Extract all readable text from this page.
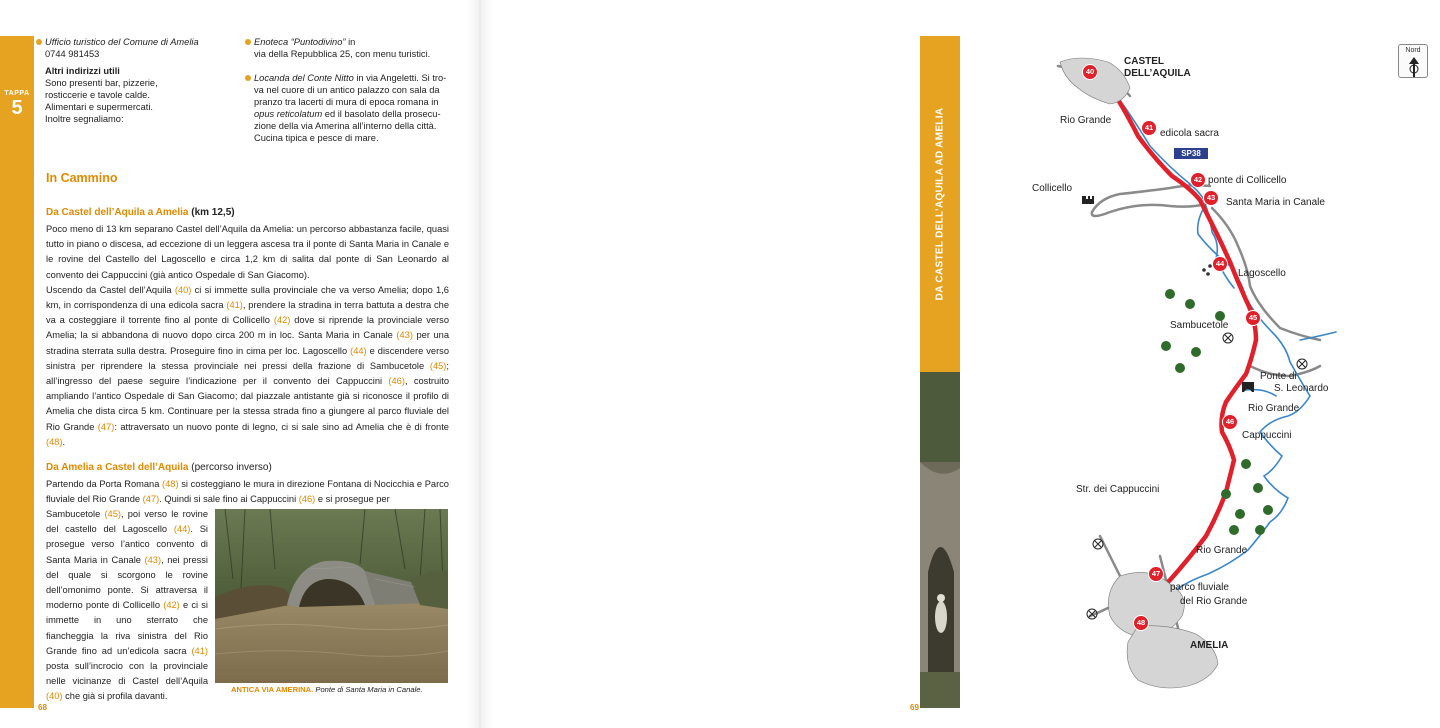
TAPPA
5
Ufficio turistico del Comune di Amelia
0744 981453
Altri indirizzi utili
Sono presenti bar, pizzerie,
rosticcerie e tavole calde.
Alimentari e supermercati.
Inoltre segnaliamo:
Enoteca “Puntodivino” in
via della Repubblica 25, con menu turistici.
Locanda del Conte Nitto in via Angeletti. Si tro-
va nel cuore di un antico palazzo con sala da
pranzo tra lacerti di mura di epoca romana in
opus reticolatum ed il basolato della prosecu-
zione della via Amerina all’interno della città.
Cucina tipica e pesce di mare.
In Cammino
Da Castel dell’Aquila a Amelia (km 12,5)
Poco meno di 13 km separano Castel dell’Aquila da Amelia: un percorso abbastanza facile, quasi tutto in piano o discesa, ad eccezione di un leggera ascesa tra il ponte di Santa Maria in Canale e le rovine del Castello del Lagoscello e circa 1,2 km di salita dal ponte di San Leonardo al convento dei Cappuccini (già antico Ospedale di San Giacomo).
Uscendo da Castel dell’Aquila (40) ci si immette sulla provinciale che va verso Amelia; dopo 1,6 km, in corrispondenza di una edicola sacra (41), prendere la stradina in terra battuta a destra che va a costeggiare il torrente fino al ponte di Collicello (42) dove si riprende la provinciale verso Amelia; la si abbandona di nuovo dopo circa 200 m in loc. Santa Maria in Canale (43) per una stradina sterrata sulla destra. Proseguire fino in cima per loc. Lagoscello (44) e discendere verso sinistra per riprendere la stessa provinciale nei pressi della frazione di Sambucetole (45); all’ingresso del paese seguire l’indicazione per il convento dei Cappuccini (46), costruito ampliando l’antico Ospedale di San Giacomo; dal piazzale antistante già si riconosce il profilo di Amelia che dista circa 5 km. Continuare per la stessa strada fino a giungere al parco fluviale del Rio Grande (47): attraversato un nuovo ponte di legno, ci si sale sino ad Amelia che è di fronte (48).
Da Amelia a Castel dell’Aquila (percorso inverso)
Partendo da Porta Romana (48) si costeggiano le mura in direzione Fontana di Nocicchia e Parco fluviale del Rio Grande (47). Quindi si sale fino ai Cappuccini (46) e si prosegue per
Sambucetole (45), poi verso le rovine del castello del Lagoscello (44). Si prosegue verso l’antico convento di Santa Maria in Canale (43), nei pressi del quale si scorgono le rovine dell’omonimo ponte. Si attraversa il moderno ponte di Collicello (42) e ci si immette in uno sterrato che fiancheggia la riva sinistra del Rio Grande fino ad un’edicola sacra (41) posta sull’incrocio con la provinciale nelle vicinanze di Castel dell’Aquila (40) che già si profila davanti.
ANTICA VIA AMERINA. Ponte di Santa Maria in Canale.
68
DA CASTEL DELL’AQUILA AD AMELIA
40
41
42
43
44
45
46
47
48
Nord
SP38
CASTEL
DELL’AQUILA
Rio Grande
edicola sacra
Collicello
ponte di Collicello
Santa Maria in Canale
Lagoscello
Sambucetole
Ponte di
S. Leonardo
Rio Grande
Cappuccini
Str. dei Cappuccini
Rio Grande
parco fluviale
del Rio Grande
AMELIA
69
